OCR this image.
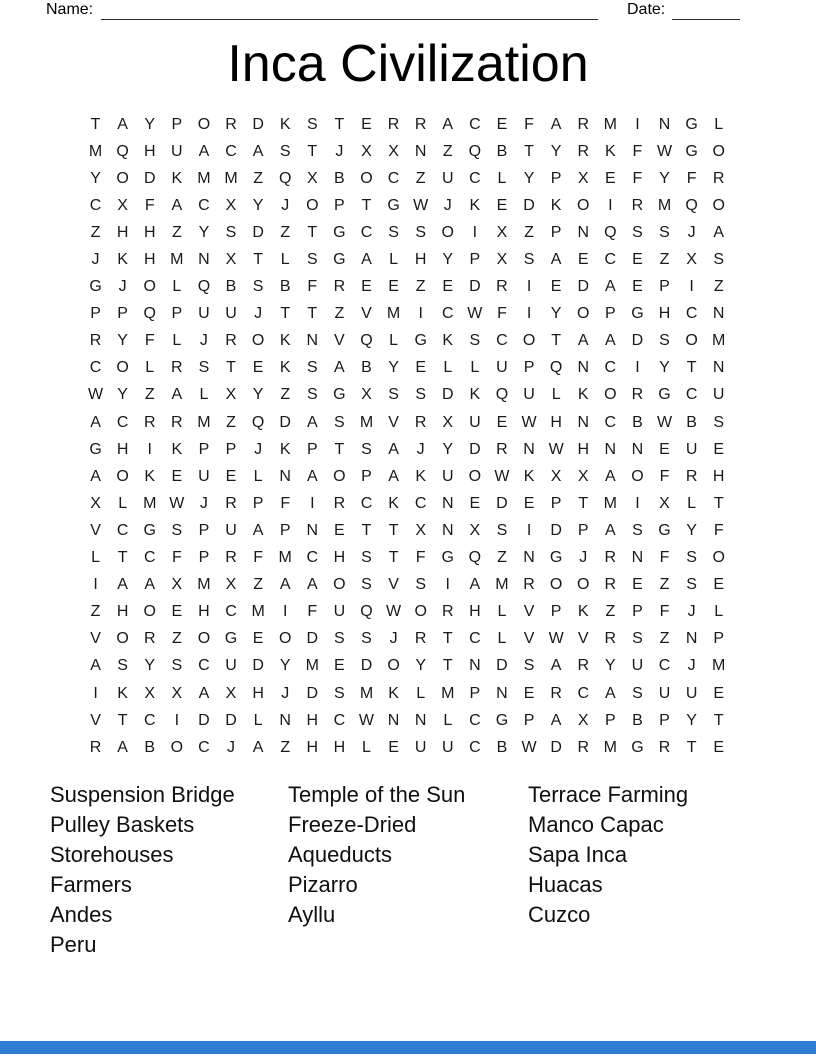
Name:	Date:
Inca Civilization
T	A	Y	P O R D K	S	T	E R R A C E	F	A R M	I	N G	L
M Q H U A C A	S	T	J	X	X N	Z Q B	T	Y R K	F W G O
Y O D K M M Z Q X	B O C	Z	U C	L	Y	P	X	E	F	Y	F	R
C X	F	A C X	Y	J	O P	T G W J	K	E D K O	I	R M Q O
Z	H H	Z	Y	S D	Z	T G C S	S O	I	X	Z	P N Q S	S	J	A
J	K H M N X	T	L	S G A	L	H Y	P	X	S	A	E C E	Z	X	S
G	J	O	L	Q B	S	B	F	R E	E	Z	E D R	I	E D A	E	P	I	Z
P	P Q P U U	J	T	T	Z	V M	I	C W F	I	Y O P G H C N
R Y	F	L	J	R O K N V Q	L	G K	S C O T	A	A D S O M
C O	L	R S	T	E	K	S	A	B	Y	E	L	L	U P Q N C	I	Y	T	N
W Y	Z	A	L	X	Y	Z	S G X	S	S D K Q U	L	K O R G C U
A C R R M Z Q D A	S M V R X U E W H N C B W B	S
G H	I	K	P	P	J	K	P	T	S	A	J	Y D R N W H N N E U E
A O K	E U E	L	N A O P	A	K U O W K	X	X	A O F	R H
X	L M W J	R P	F	I	R C K C N E D E	P	T M	I	X	L	T
V C G S	P U A	P N E	T	T	X N X	S	I	D P	A	S G Y	F
L	T	C	F	P R	F M C H S	T	F G Q Z	N G	J	R N	F	S O
I	A	A	X M X	Z	A	A O S	V	S	I	A M R O O R E	Z	S	E
Z	H O E H C M	I	F	U Q W O R H	L	V	P	K	Z	P	F	J	L
V O R	Z O G E O D S	S	J	R	T	C	L	V W V R S	Z	N P
A	S	Y	S C U D Y M E D O Y	T	N D S	A R Y U C	J	M
I	K	X	X	A	X H	J	D S M K	L M P N E R C A	S U U E
V	T	C	I	D D	L	N H C W N N	L	C G P	A	X	P	B	P	Y	T
R A	B O C	J	A	Z	H H	L	E U U C B W D R M G R	T	E
Suspension Bridge
Pulley Baskets
Storehouses
Farmers
Andes
Peru
Temple of the Sun
Freeze-Dried
Aqueducts
Pizarro
Ayllu
Terrace Farming
Manco Capac
Sapa Inca
Huacas
Cuzco
